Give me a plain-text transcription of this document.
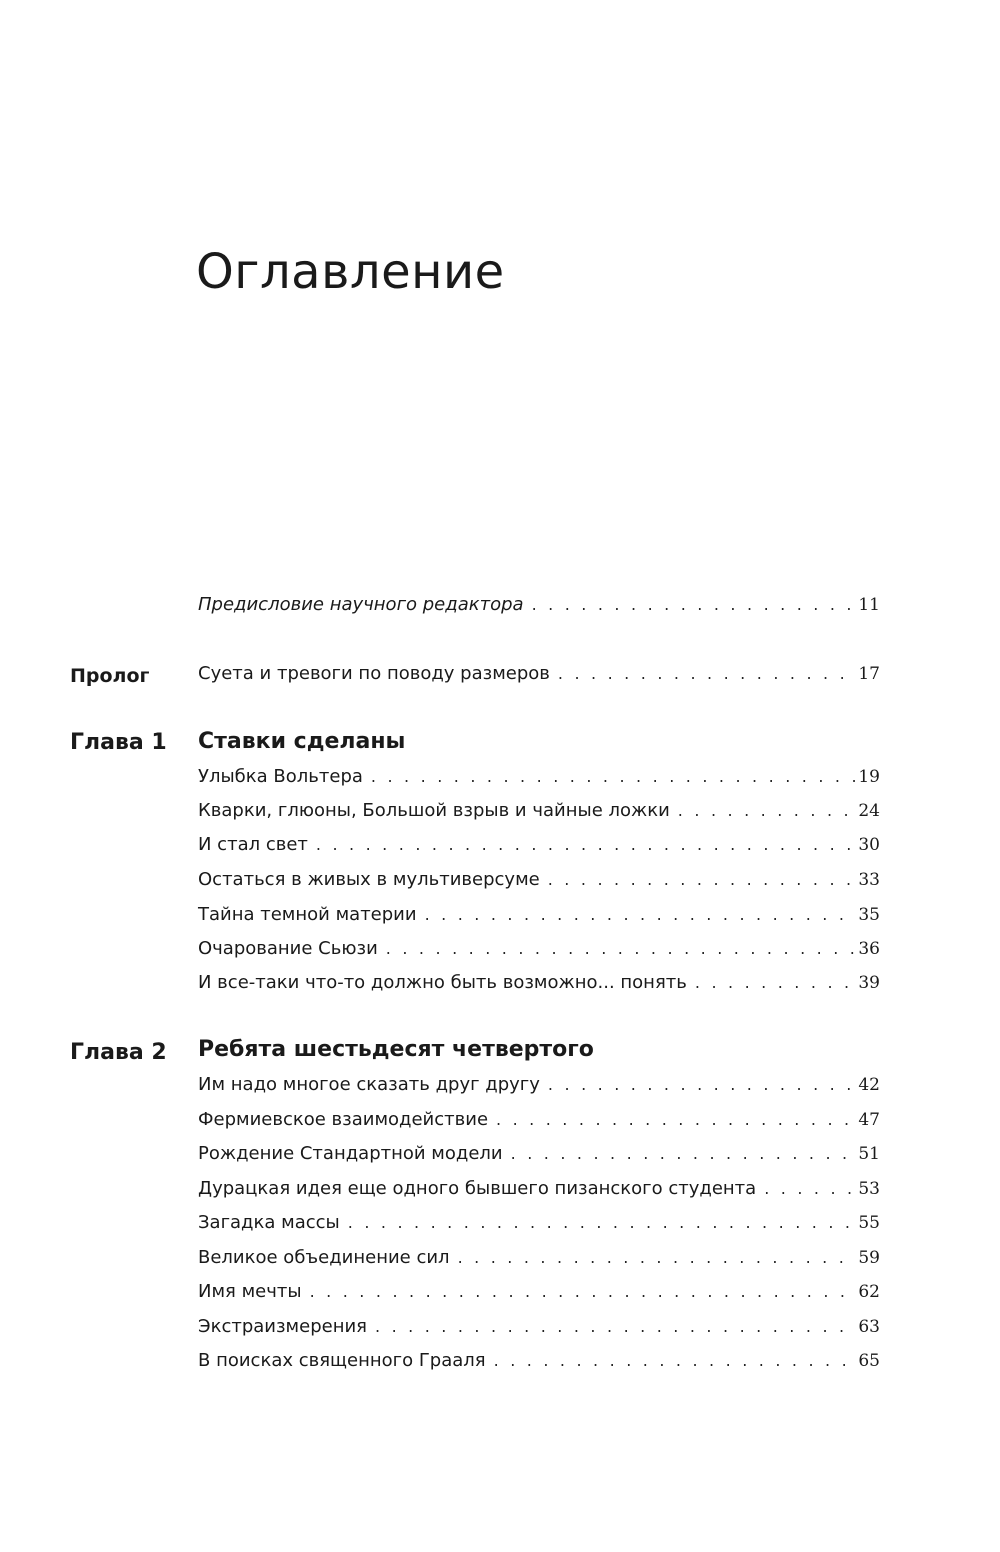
Оглавление
Предисловие научного редактора . . .	11
Пролог	Суета и тревоги по поводу размеров . . .	17
Глава 1 Ставки сделаны
Улыбка Вольтера . . .	19
Кварки, глюоны, Большой взрыв и чайные ложки . . .	24
И стал свет . . .	30
Остаться в живых в мультиверсуме . . .	33
Тайна темной материи . . .	35
Очарование Сьюзи . . .	36
И все-таки что-то должно быть возможно... понять . . .	39
Глава 2 Ребята шестьдесят четвертого
Им надо многое сказать друг другу . . .	42
Фермиевское взаимодействие . . .	47
Рождение Стандартной модели . . .	51
Дурацкая идея еще одного бывшего пизанского студента . . .	53
Загадка массы . . .	55
Великое объединение сил . . .	59
Имя мечты . . .	62
Экстраизмерения . . .	63
В поисках священного Грааля . . .	65
